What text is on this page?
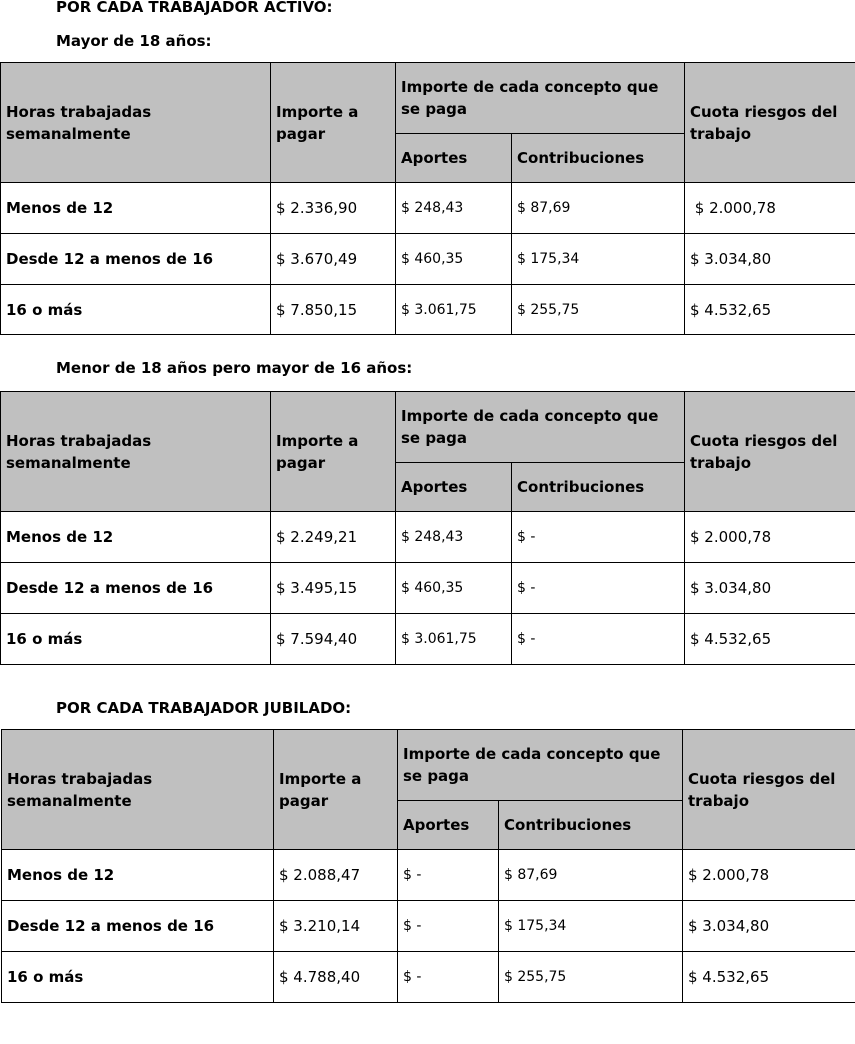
POR CADA TRABAJADOR ACTIVO:
Mayor de 18 años:
Horas trabajadas semanalmente	Importe a pagar	Importe de cada concepto que se paga		Cuota riesgos del trabajo
		Aportes	Contribuciones	
Menos de 12	$ 2.336,90	$ 248,43	$ 87,69	$ 2.000,78
Desde 12 a menos de 16	$ 3.670,49	$ 460,35	$ 175,34	$ 3.034,80
16 o más	$ 7.850,15	$ 3.061,75	$ 255,75	$ 4.532,65
Menor de 18 años pero mayor de 16 años:
Horas trabajadas semanalmente	Importe a pagar	Importe de cada concepto que se paga		Cuota riesgos del trabajo
		Aportes	Contribuciones	
Menos de 12	$ 2.249,21	$ 248,43	$ -	$ 2.000,78
Desde 12 a menos de 16	$ 3.495,15	$ 460,35	$ -	$ 3.034,80
16 o más	$ 7.594,40	$ 3.061,75	$ -	$ 4.532,65
POR CADA TRABAJADOR JUBILADO:
Horas trabajadas semanalmente	Importe a pagar	Importe de cada concepto que se paga		Cuota riesgos del trabajo
		Aportes	Contribuciones	
Menos de 12	$ 2.088,47	$ -	$ 87,69	$ 2.000,78
Desde 12 a menos de 16	$ 3.210,14	$ -	$ 175,34	$ 3.034,80
16 o más	$ 4.788,40	$ -	$ 255,75	$ 4.532,65
